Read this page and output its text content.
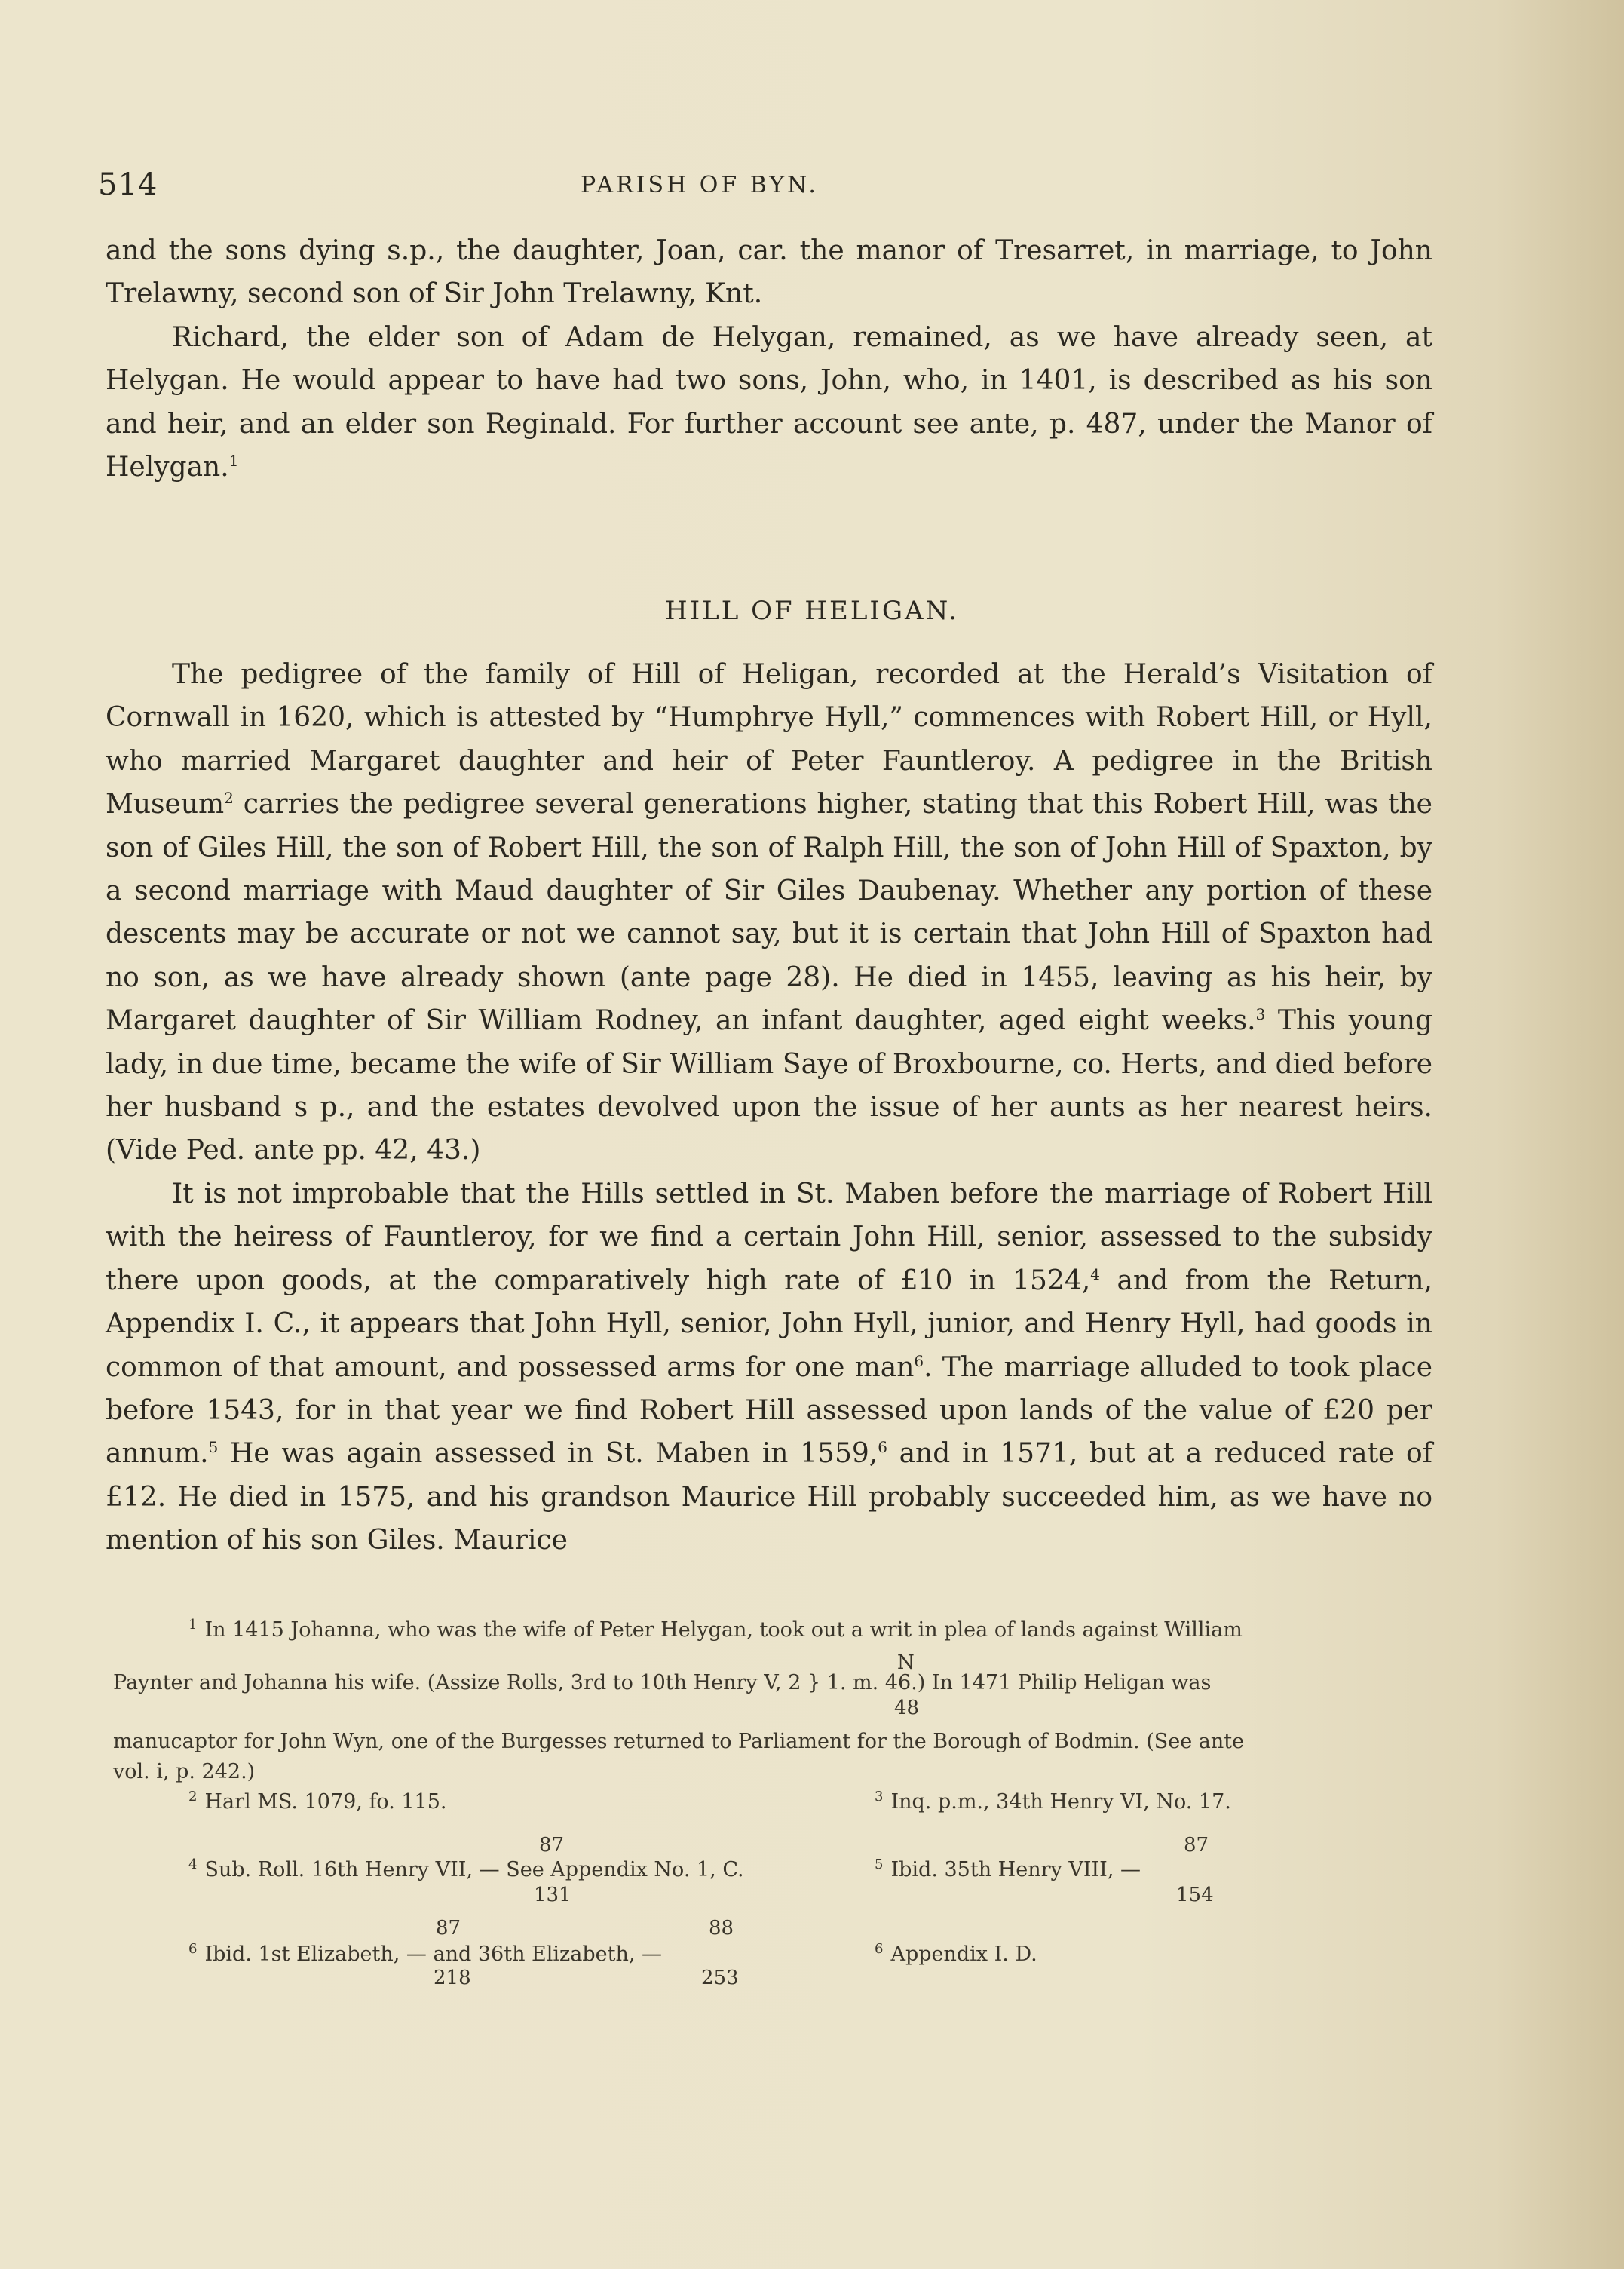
514	PARISH OF BYN.

and the sons dying s.p., the daughter, Joan, car. the manor of Tresarret, in marriage, to John Trelawny, second son of Sir John Trelawny, Knt.

Richard, the elder son of Adam de Helygan, remained, as we have already seen, at Helygan. He would appear to have had two sons, John, who, in 1401, is described as his son and heir, and an elder son Reginald. For further account see ante, p. 487, under the Manor of Helygan.$^1$

HILL OF HELIGAN.

The pedigree of the family of Hill of Heligan, recorded at the Herald’s Visitation of Cornwall in 1620, which is attested by “Humphrye Hyll,” commences with Robert Hill, or Hyll, who married Margaret daughter and heir of Peter Fauntleroy. A pedigree in the British Museum$^2$ carries the pedigree several generations higher, stating that this Robert Hill, was the son of Giles Hill, the son of Robert Hill, the son of Ralph Hill, the son of John Hill of Spaxton, by a second marriage with Maud daughter of Sir Giles Daubenay. Whether any portion of these descents may be accurate or not we cannot say, but it is certain that John Hill of Spaxton had no son, as we have already shown (ante page 28). He died in 1455, leaving as his heir, by Margaret daughter of Sir William Rodney, an infant daughter, aged eight weeks.$^3$ This young lady, in due time, became the wife of Sir William Saye of Broxbourne, co. Herts, and died before her husband s p., and the estates devolved upon the issue of her aunts as her nearest heirs. (Vide Ped. ante pp. 42, 43.)

It is not improbable that the Hills settled in St. Maben before the marriage of Robert Hill with the heiress of Fauntleroy, for we find a certain John Hill, senior, assessed to the subsidy there upon goods, at the comparatively high rate of £10 in 1524,$^4$ and from the Return, Appendix I. C., it appears that John Hyll, senior, John Hyll, junior, and Henry Hyll, had goods in common of that amount, and possessed arms for one man$^6$. The marriage alluded to took place before 1543, for in that year we find Robert Hill assessed upon lands of the value of £20 per annum.$^5$ He was again assessed in St. Maben in 1559,$^6$ and in 1571, but at a reduced rate of £12. He died in 1575, and his grandson Maurice Hill probably succeeded him, as we have no mention of his son Giles. Maurice

$^1$ In 1415 Johanna, who was the wife of Peter Helygan, took out a writ in plea of lands against William
N
Paynter and Johanna his wife. (Assize Rolls, 3rd to 10th Henry V, 2 } 1. m. 46.) In 1471 Philip Heligan was
48
manucaptor for John Wyn, one of the Burgesses returned to Parliament for the Borough of Bodmin. (See ante
vol. i, p. 242.)
$^2$ Harl MS. 1079, fo. 115.	$^3$ Inq. p.m., 34th Henry VI, No. 17.
87
$^4$ Sub. Roll. 16th Henry VII, — See Appendix No. 1, C.
131
87
$^5$ Ibid. 35th Henry VIII, —
154
87	88
$^6$ Ibid. 1st Elizabeth, — and 36th Elizabeth, —
218	253
$^6$ Appendix I. D.
